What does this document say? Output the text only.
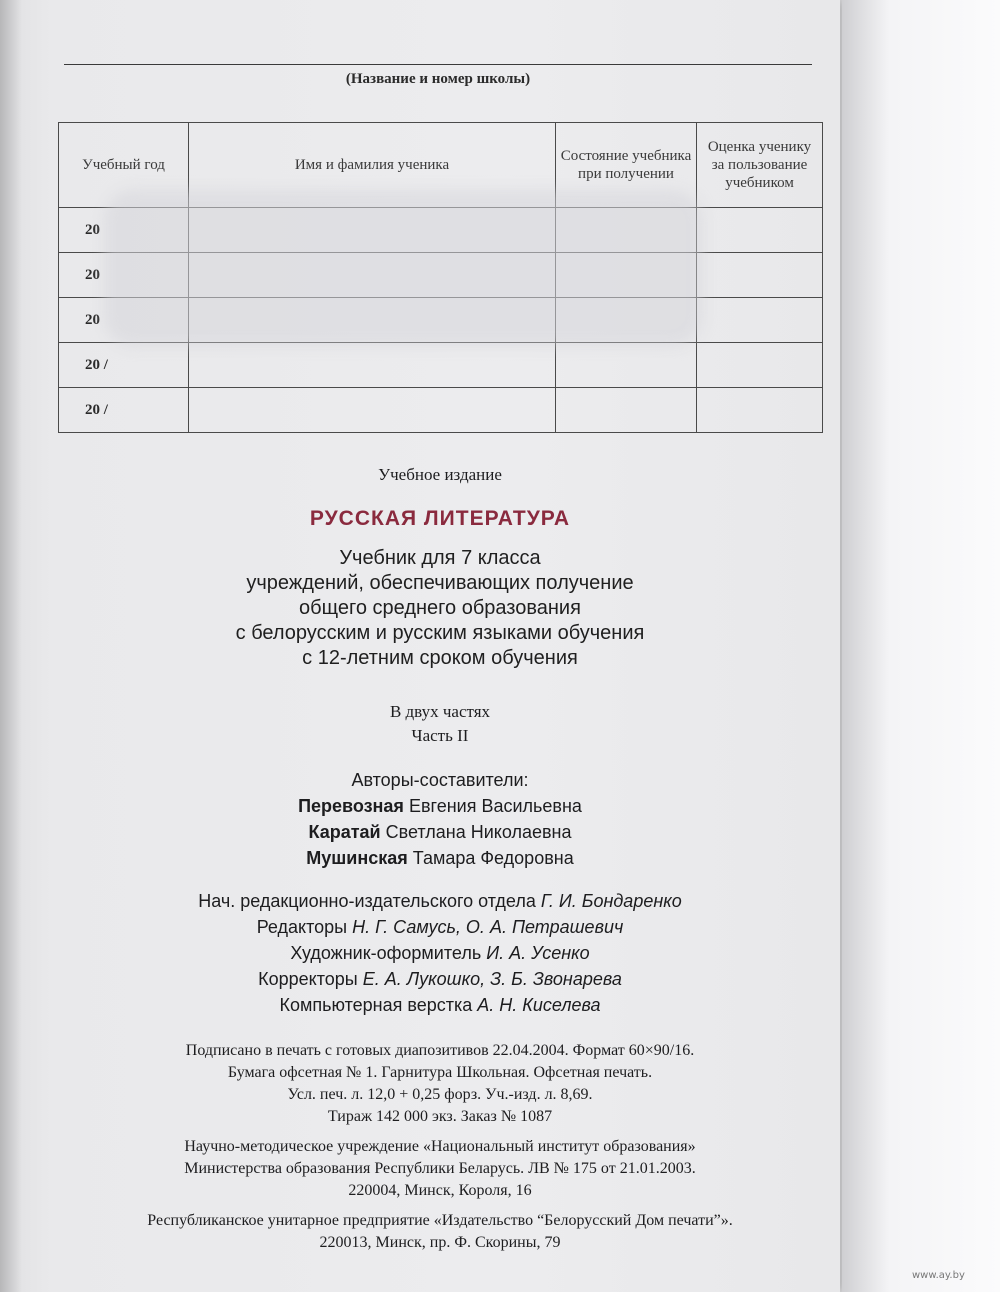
(Название и номер школы)
Учебный год	Имя и фамилия ученика	Состояние учебника при получении	Оценка ученику за пользование учебником
20			
20			
20			
20 /			
20 /			
Учебное издание
РУССКАЯ ЛИТЕРАТУРА
Учебник для 7 класса
учреждений, обеспечивающих получение
общего среднего образования
с белорусским и русским языками обучения
с 12-летним сроком обучения
В двух частях
Часть II
Авторы-составители:
Перевозная Евгения Васильевна
Каратай Светлана Николаевна
Мушинская Тамара Федоровна
Нач. редакционно-издательского отдела Г. И. Бондаренко
Редакторы Н. Г. Самусь, О. А. Петрашевич
Художник-оформитель И. А. Усенко
Корректоры Е. А. Лукошко, З. Б. Звонарева
Компьютерная верстка А. Н. Киселева
Подписано в печать с готовых диапозитивов 22.04.2004. Формат 60×90/16.
Бумага офсетная № 1. Гарнитура Школьная. Офсетная печать.
Усл. печ. л. 12,0 + 0,25 форз. Уч.-изд. л. 8,69.
Тираж 142 000 экз. Заказ № 1087
Научно-методическое учреждение «Национальный институт образования»
Министерства образования Республики Беларусь. ЛВ № 175 от 21.01.2003.
220004, Минск, Короля, 16
Республиканское унитарное предприятие «Издательство “Белорусский Дом печати”».
220013, Минск, пр. Ф. Скорины, 79
www.ay.by
